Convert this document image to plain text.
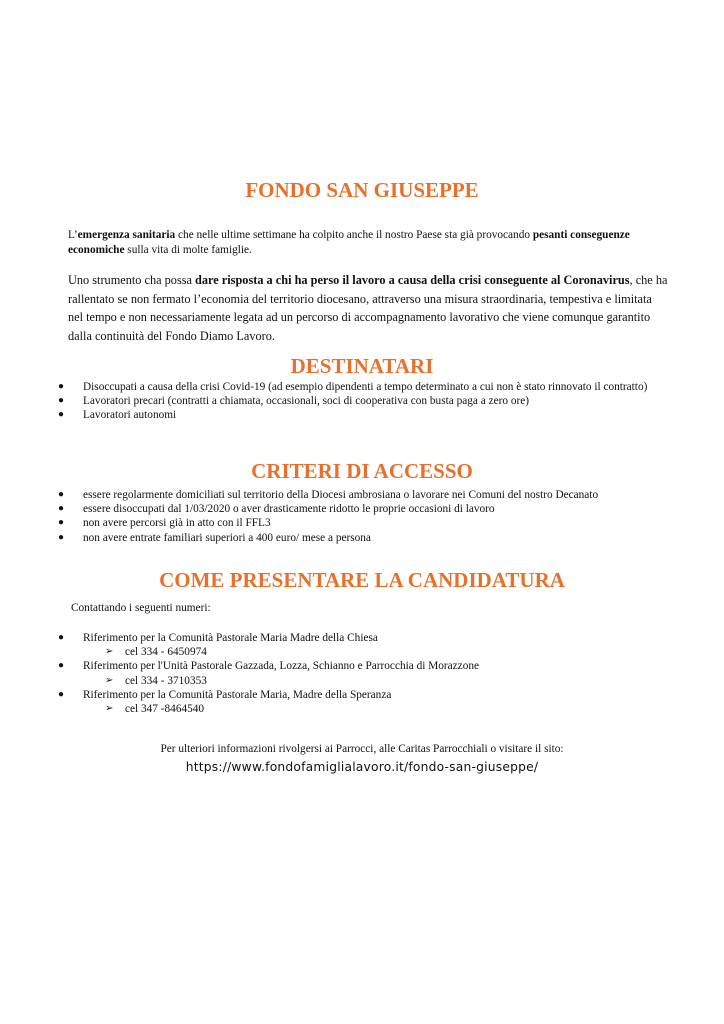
FONDO SAN GIUSEPPE
L’emergenza sanitaria che nelle ultime settimane ha colpito anche il nostro Paese sta già provocando pesanti conseguenze economiche sulla vita di molte famiglie.
Uno strumento cha possa dare risposta a chi ha perso il lavoro a causa della crisi conseguente al Coronavirus, che ha rallentato se non fermato l’economia del territorio diocesano, attraverso una misura straordinaria, tempestiva e limitata nel tempo e non necessariamente legata ad un percorso di accompagnamento lavorativo che viene comunque garantito dalla continuità del Fondo Diamo Lavoro.
DESTINATARI
● Disoccupati a causa della crisi Covid-19 (ad esempio dipendenti a tempo determinato a cui non è stato rinnovato il contratto)
● Lavoratori precari (contratti a chiamata, occasionali, soci di cooperativa con busta paga a zero ore)
● Lavoratori autonomi
CRITERI DI ACCESSO
● essere regolarmente domiciliati sul territorio della Diocesi ambrosiana o lavorare nei Comuni del nostro Decanato
● essere disoccupati dal 1/03/2020 o aver drasticamente ridotto le proprie occasioni di lavoro
● non avere percorsi già in atto con il FFL3
● non avere entrate familiari superiori a 400 euro/ mese a persona
COME PRESENTARE LA CANDIDATURA
Contattando i seguenti numeri:
● Riferimento per la Comunità Pastorale Maria Madre della Chiesa
➢ cel 334 - 6450974
● Riferimento per l'Unità Pastorale Gazzada, Lozza, Schianno e Parrocchia di Morazzone
➢ cel 334 - 3710353
● Riferimento per la Comunità Pastorale Maria, Madre della Speranza
➢ cel 347 -8464540
Per ulteriori informazioni rivolgersi ai Parrocci, alle Caritas Parrocchiali o visitare il sito:
https://www.fondofamiglialavoro.it/fondo-san-giuseppe/
